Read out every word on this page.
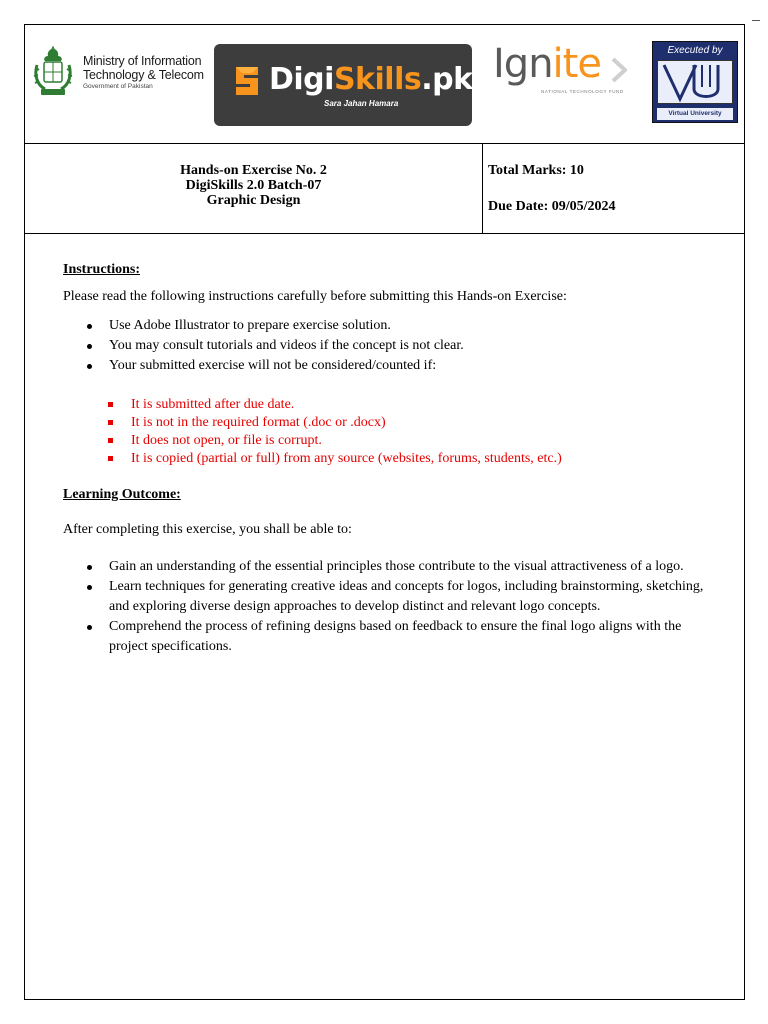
Ministry of Information
Technology & Telecom
Government of Pakistan	DigiSkills.pk
Sara Jahan Hamara
Ignite
NATIONAL TECHNOLOGY FUND
Executed by
Virtual University
Hands-on Exercise No. 2
DigiSkills 2.0 Batch-07
Graphic Design
Total Marks: 10
Due Date: 09/05/2024
Instructions:
Please read the following instructions carefully before submitting this Hands-on Exercise:
Use Adobe Illustrator to prepare exercise solution.
You may consult tutorials and videos if the concept is not clear.
Your submitted exercise will not be considered/counted if:
It is submitted after due date.
It is not in the required format (.doc or .docx)
It does not open, or file is corrupt.
It is copied (partial or full) from any source (websites, forums, students, etc.)
Learning Outcome:
After completing this exercise, you shall be able to:
Gain an understanding of the essential principles those contribute to the visual attractiveness of a logo.
Learn techniques for generating creative ideas and concepts for logos, including brainstorming, sketching, and exploring diverse design approaches to develop distinct and relevant logo concepts.
Comprehend the process of refining designs based on feedback to ensure the final logo aligns with the project specifications.
